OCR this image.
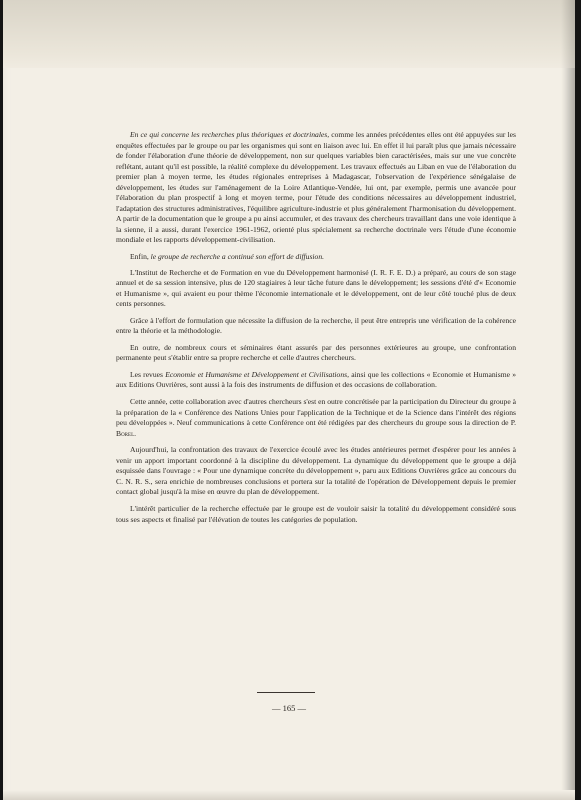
En ce qui concerne les recherches plus théoriques et doctrinales, comme les années précédentes elles ont été appuyées sur les enquêtes effectuées par le groupe ou par les organismes qui sont en liaison avec lui. En effet il lui paraît plus que jamais nécessaire de fonder l'élaboration d'une théorie de développement, non sur quelques variables bien caractérisées, mais sur une vue concrète reflétant, autant qu'il est possible, la réalité complexe du développement. Les travaux effectués au Liban en vue de l'élaboration du premier plan à moyen terme, les études régionales entreprises à Madagascar, l'observation de l'expérience sénégalaise de développement, les études sur l'aménagement de la Loire Atlantique-Vendée, lui ont, par exemple, permis une avancée pour l'élaboration du plan prospectif à long et moyen terme, pour l'étude des conditions nécessaires au développement industriel, l'adaptation des structures administratives, l'équilibre agriculture-industrie et plus généralement l'harmonisation du développement. A partir de la documentation que le groupe a pu ainsi accumuler, et des travaux des chercheurs travaillant dans une voie identique à la sienne, il a aussi, durant l'exercice 1961-1962, orienté plus spécialement sa recherche doctrinale vers l'étude d'une économie mondiale et les rapports développement-civilisation.

Enfin, le groupe de recherche a continué son effort de diffusion.

L'Institut de Recherche et de Formation en vue du Développement harmonisé (I. R. F. E. D.) a préparé, au cours de son stage annuel et de sa session intensive, plus de 120 stagiaires à leur tâche future dans le développement; les sessions d'été d'« Economie et Humanisme », qui avaient eu pour thème l'économie internationale et le développement, ont de leur côté touché plus de deux cents personnes.

Grâce à l'effort de formulation que nécessite la diffusion de la recherche, il peut être entrepris une vérification de la cohérence entre la théorie et la méthodologie.

En outre, de nombreux cours et séminaires étant assurés par des personnes extérieures au groupe, une confrontation permanente peut s'établir entre sa propre recherche et celle d'autres chercheurs.

Les revues Economie et Humanisme et Développement et Civilisations, ainsi que les collections « Economie et Humanisme » aux Editions Ouvrières, sont aussi à la fois des instruments de diffusion et des occasions de collaboration.

Cette année, cette collaboration avec d'autres chercheurs s'est en outre concrétisée par la participation du Directeur du groupe à la préparation de la « Conférence des Nations Unies pour l'application de la Technique et de la Science dans l'intérêt des régions peu développées ». Neuf communications à cette Conférence ont été rédigées par des chercheurs du groupe sous la direction de P. Borel.

Aujourd'hui, la confrontation des travaux de l'exercice écoulé avec les études antérieures permet d'espérer pour les années à venir un apport important coordonné à la discipline du développement. La dynamique du développement que le groupe a déjà esquissée dans l'ouvrage : « Pour une dynamique concrète du développement », paru aux Editions Ouvrières grâce au concours du C. N. R. S., sera enrichie de nombreuses conclusions et portera sur la totalité de l'opération de Développement depuis le premier contact global jusqu'à la mise en œuvre du plan de développement.

L'intérêt particulier de la recherche effectuée par le groupe est de vouloir saisir la totalité du développement considéré sous tous ses aspects et finalisé par l'élévation de toutes les catégories de population.

— 165 —
